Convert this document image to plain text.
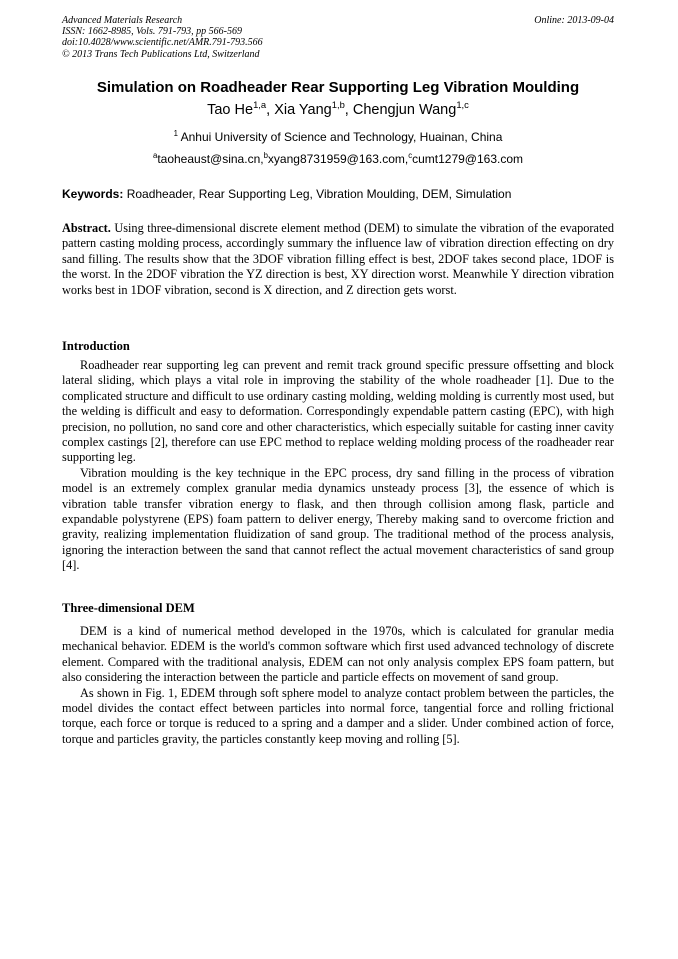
Advanced Materials Research
ISSN: 1662-8985, Vols. 791-793, pp 566-569
doi:10.4028/www.scientific.net/AMR.791-793.566
© 2013 Trans Tech Publications Ltd, Switzerland
Online: 2013-09-04
Simulation on Roadheader Rear Supporting Leg Vibration Moulding
Tao He$^{1,a}$, Xia Yang$^{1,b}$, Chengjun Wang$^{1,c}$
$^1$ Anhui University of Science and Technology, Huainan, China
$^a$taoheaust@sina.cn,$^b$xyang8731959@163.com,$^c$cumt1279@163.com
Keywords: Roadheader, Rear Supporting Leg, Vibration Moulding, DEM, Simulation

Abstract. Using three-dimensional discrete element method (DEM) to simulate the vibration of the evaporated pattern casting molding process, accordingly summary the influence law of vibration direction effecting on dry sand filling. The results show that the 3DOF vibration filling effect is best, 2DOF takes second place, 1DOF is the worst. In the 2DOF vibration the YZ direction is best, XY direction worst. Meanwhile Y direction vibration works best in 1DOF vibration, second is X direction, and Z direction gets worst.

Introduction

Roadheader rear supporting leg can prevent and remit track ground specific pressure offsetting and block lateral sliding, which plays a vital role in improving the stability of the whole roadheader [1]. Due to the complicated structure and difficult to use ordinary casting molding, welding molding is currently most used, but the welding is difficult and easy to deformation. Correspondingly expendable pattern casting (EPC), with high precision, no pollution, no sand core and other characteristics, which especially suitable for casting inner cavity complex castings [2], therefore can use EPC method to replace welding molding process of the roadheader rear supporting leg.

Vibration moulding is the key technique in the EPC process, dry sand filling in the process of vibration model is an extremely complex granular media dynamics unsteady process [3], the essence of which is vibration table transfer vibration energy to flask, and then through collision among flask, particle and expandable polystyrene (EPS) foam pattern to deliver energy, Thereby making sand to overcome friction and gravity, realizing implementation fluidization of sand group. The traditional method of the process analysis, ignoring the interaction between the sand that cannot reflect the actual movement characteristics of sand group [4].

Three-dimensional DEM

DEM is a kind of numerical method developed in the 1970s, which is calculated for granular media mechanical behavior. EDEM is the world's common software which first used advanced technology of discrete element. Compared with the traditional analysis, EDEM can not only analysis complex EPS foam pattern, but also considering the interaction between the particle and particle effects on movement of sand group.

As shown in Fig. 1, EDEM through soft sphere model to analyze contact problem between the particles, the model divides the contact effect between particles into normal force, tangential force and rolling frictional torque, each force or torque is reduced to a spring and a damper and a slider. Under combined action of force, torque and particles gravity, the particles constantly keep moving and rolling [5].
